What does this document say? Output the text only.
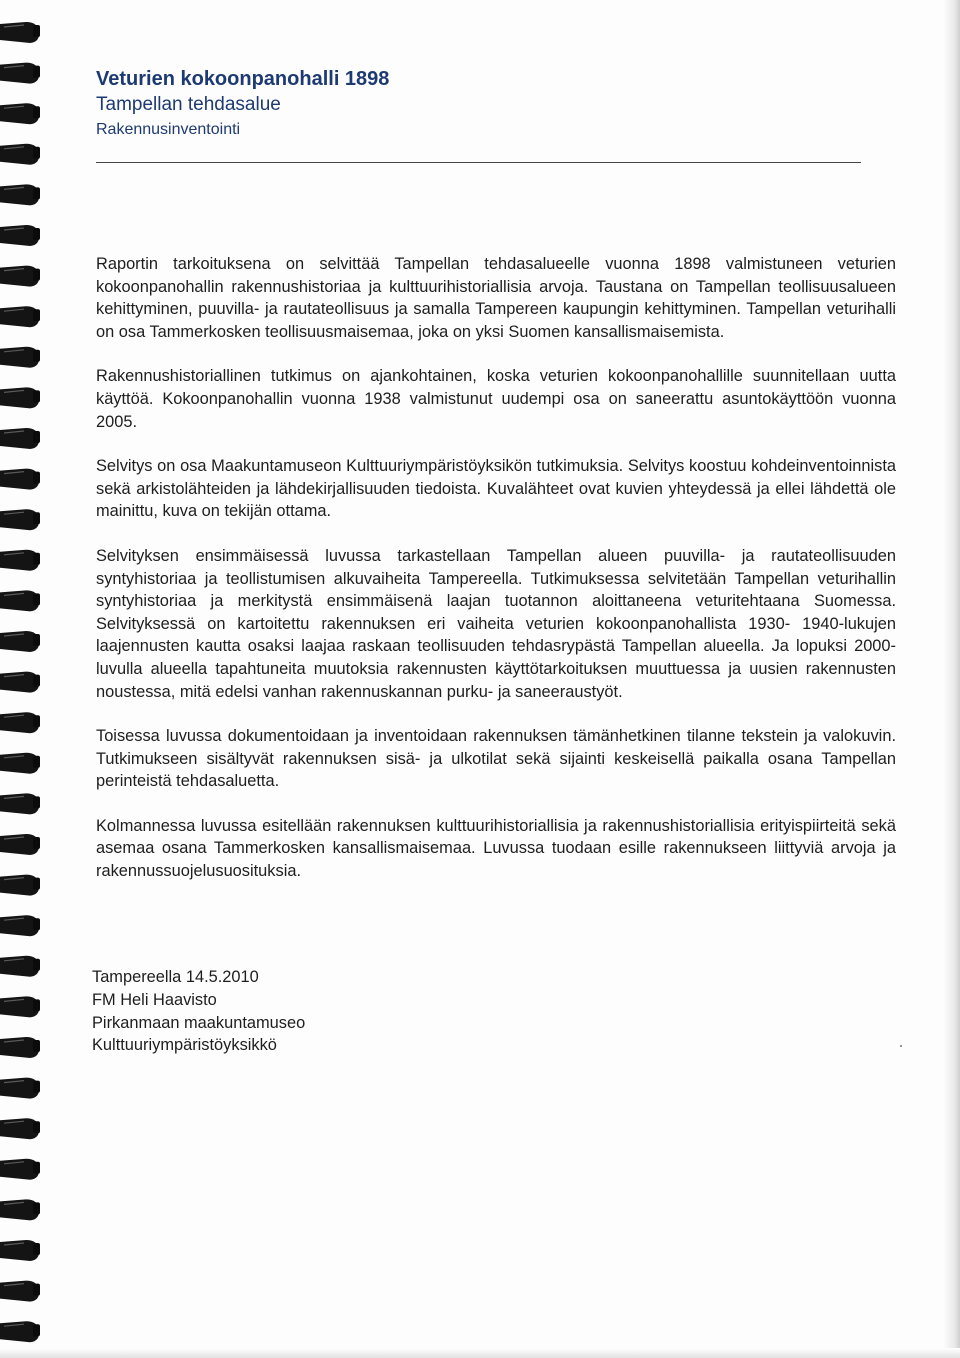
Veturien kokoonpanohalli 1898

Tampellan tehdasalue

Rakennusinventointi

Raportin tarkoituksena on selvittää Tampellan tehdasalueelle vuonna 1898 valmistuneen veturien kokoonpanohallin rakennushistoriaa ja kulttuurihistoriallisia arvoja. Taustana on Tampellan teollisuusalueen kehittyminen, puuvilla- ja rautateollisuus ja samalla Tampereen kaupungin kehittyminen. Tampellan veturihalli on osa Tammerkosken teollisuusmaisemaa, joka on yksi Suomen kansallismaisemista.

Rakennushistoriallinen tutkimus on ajankohtainen, koska veturien kokoonpanohallille suunnitellaan uutta käyttöä. Kokoonpanohallin vuonna 1938 valmistunut uudempi osa on saneerattu asuntokäyttöön vuonna 2005.

Selvitys on osa Maakuntamuseon Kulttuuriympäristöyksikön tutkimuksia. Selvitys koostuu kohdeinventoinnista sekä arkistolähteiden ja lähdekirjallisuuden tiedoista. Kuvalähteet ovat kuvien yhteydessä ja ellei lähdettä ole mainittu, kuva on tekijän ottama.

Selvityksen ensimmäisessä luvussa tarkastellaan Tampellan alueen puuvilla- ja rautateollisuuden syntyhistoriaa ja teollistumisen alkuvaiheita Tampereella. Tutkimuksessa selvitetään Tampellan veturihallin syntyhistoriaa ja merkitystä ensimmäisenä laajan tuotannon aloittaneena veturitehtaana Suomessa. Selvityksessä on kartoitettu rakennuksen eri vaiheita veturien kokoonpanohallista 1930- 1940-lukujen laajennusten kautta osaksi laajaa raskaan teollisuuden tehdasrypästä Tampellan alueella. Ja lopuksi 2000-luvulla alueella tapahtuneita muutoksia rakennusten käyttötarkoituksen muuttuessa ja uusien rakennusten noustessa, mitä edelsi vanhan rakennuskannan purku- ja saneeraustyöt.

Toisessa luvussa dokumentoidaan ja inventoidaan rakennuksen tämänhetkinen tilanne tekstein ja valokuvin. Tutkimukseen sisältyvät rakennuksen sisä- ja ulkotilat sekä sijainti keskeisellä paikalla osana Tampellan perinteistä tehdasaluetta.

Kolmannessa luvussa esitellään rakennuksen kulttuurihistoriallisia ja rakennushistoriallisia erityispiirteitä sekä asemaa osana Tammerkosken kansallismaisemaa. Luvussa tuodaan esille rakennukseen liittyviä arvoja ja rakennussuojelusuosituksia.

Tampereella 14.5.2010
FM Heli Haavisto
Pirkanmaan maakuntamuseo
Kulttuuriympäristöyksikkö
